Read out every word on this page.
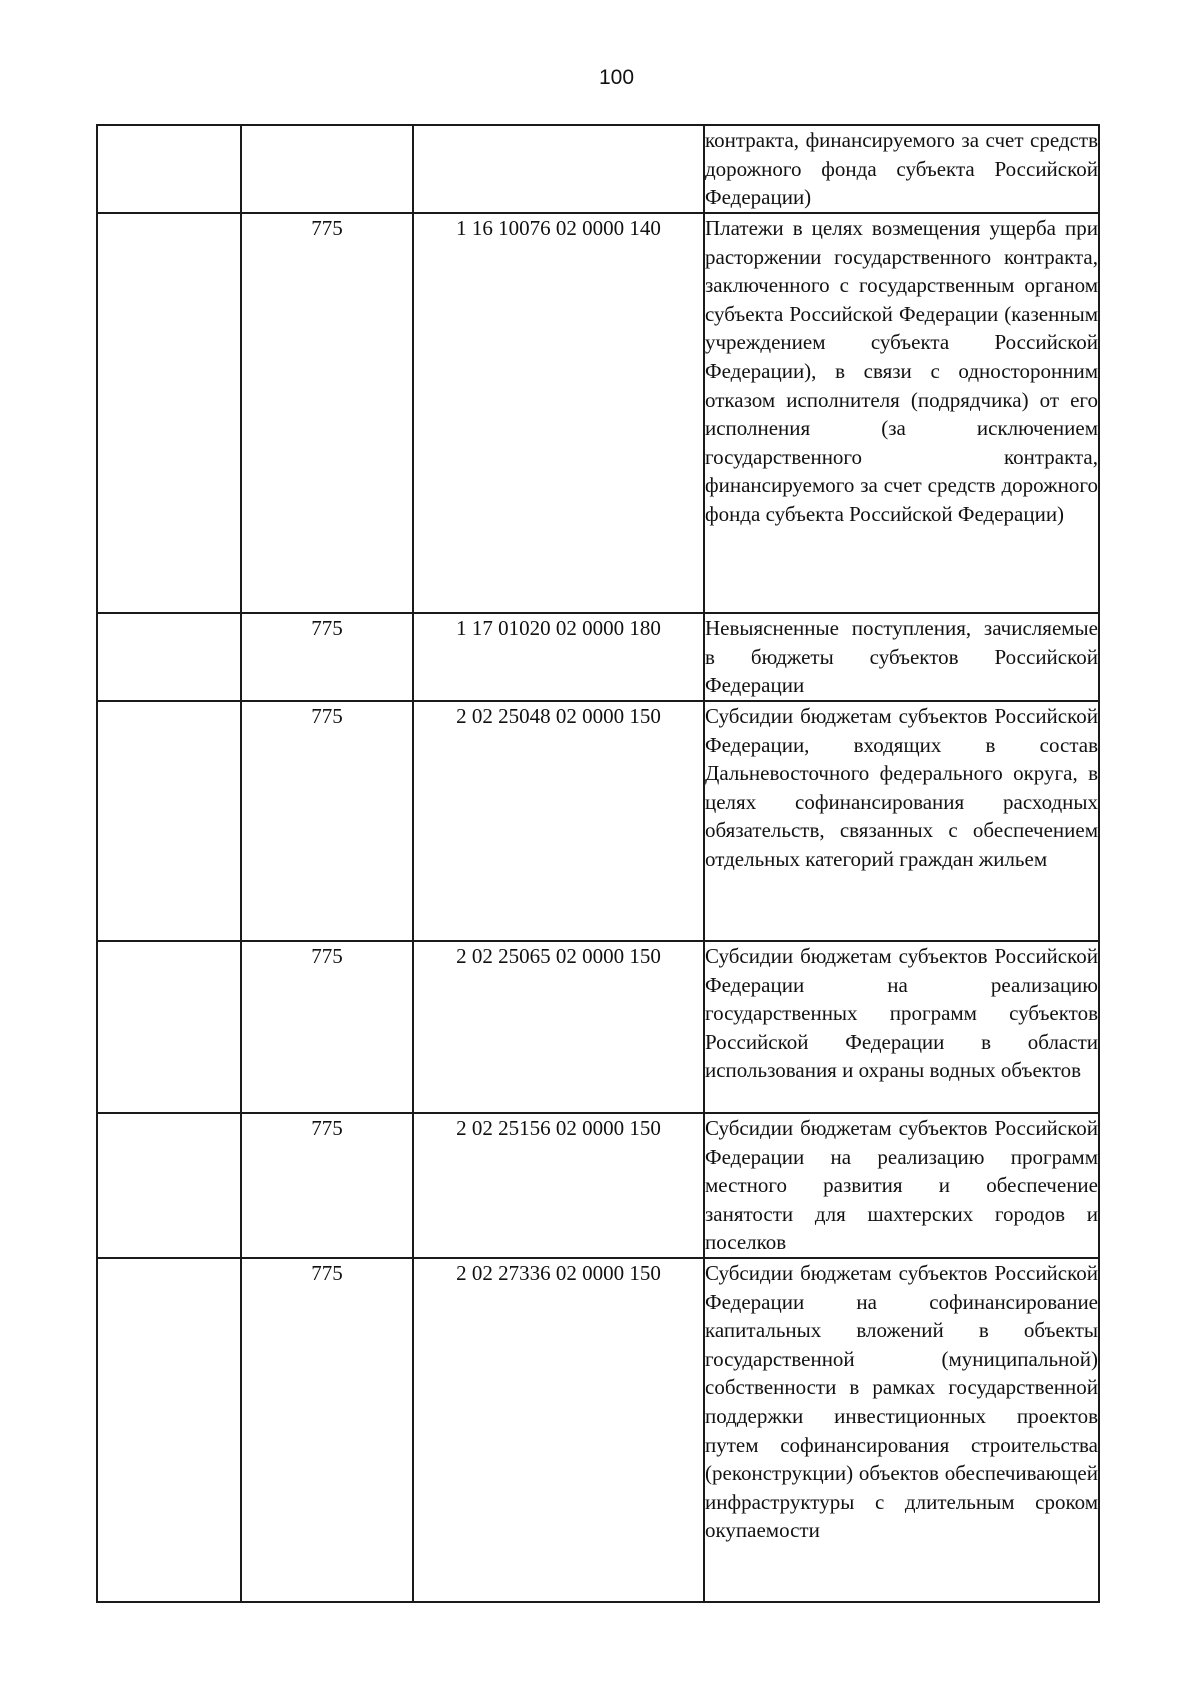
100
			контракта, финансируемого за счет средств дорожного фонда субъекта Российской Федерации)
	775	1 16 10076 02 0000 140	Платежи в целях возмещения ущерба при расторжении государственного контракта, заключенного с государственным органом субъекта Российской Федерации (казенным учреждением субъекта Российской Федерации), в связи с односторонним отказом исполнителя (подрядчика) от его исполнения (за исключением государственного контракта, финансируемого за счет средств дорожного фонда субъекта Российской Федерации)
	775	1 17 01020 02 0000 180	Невыясненные поступления, зачисляемые в бюджеты субъектов Российской Федерации
	775	2 02 25048 02 0000 150	Субсидии бюджетам субъектов Российской Федерации, входящих в состав Дальневосточного федерального округа, в целях софинансирования расходных обязательств, связанных с обеспечением отдельных категорий граждан жильем
	775	2 02 25065 02 0000 150	Субсидии бюджетам субъектов Российской Федерации на реализацию государственных программ субъектов Российской Федерации в области использования и охраны водных объектов
	775	2 02 25156 02 0000 150	Субсидии бюджетам субъектов Российской Федерации на реализацию программ местного развития и обеспечение занятости для шахтерских городов и поселков
	775	2 02 27336 02 0000 150	Субсидии бюджетам субъектов Российской Федерации на софинансирование капитальных вложений в объекты государственной (муниципальной) собственности в рамках государственной поддержки инвестиционных проектов путем софинансирования строительства (реконструкции) объектов обеспечивающей инфраструктуры с длительным сроком окупаемости
